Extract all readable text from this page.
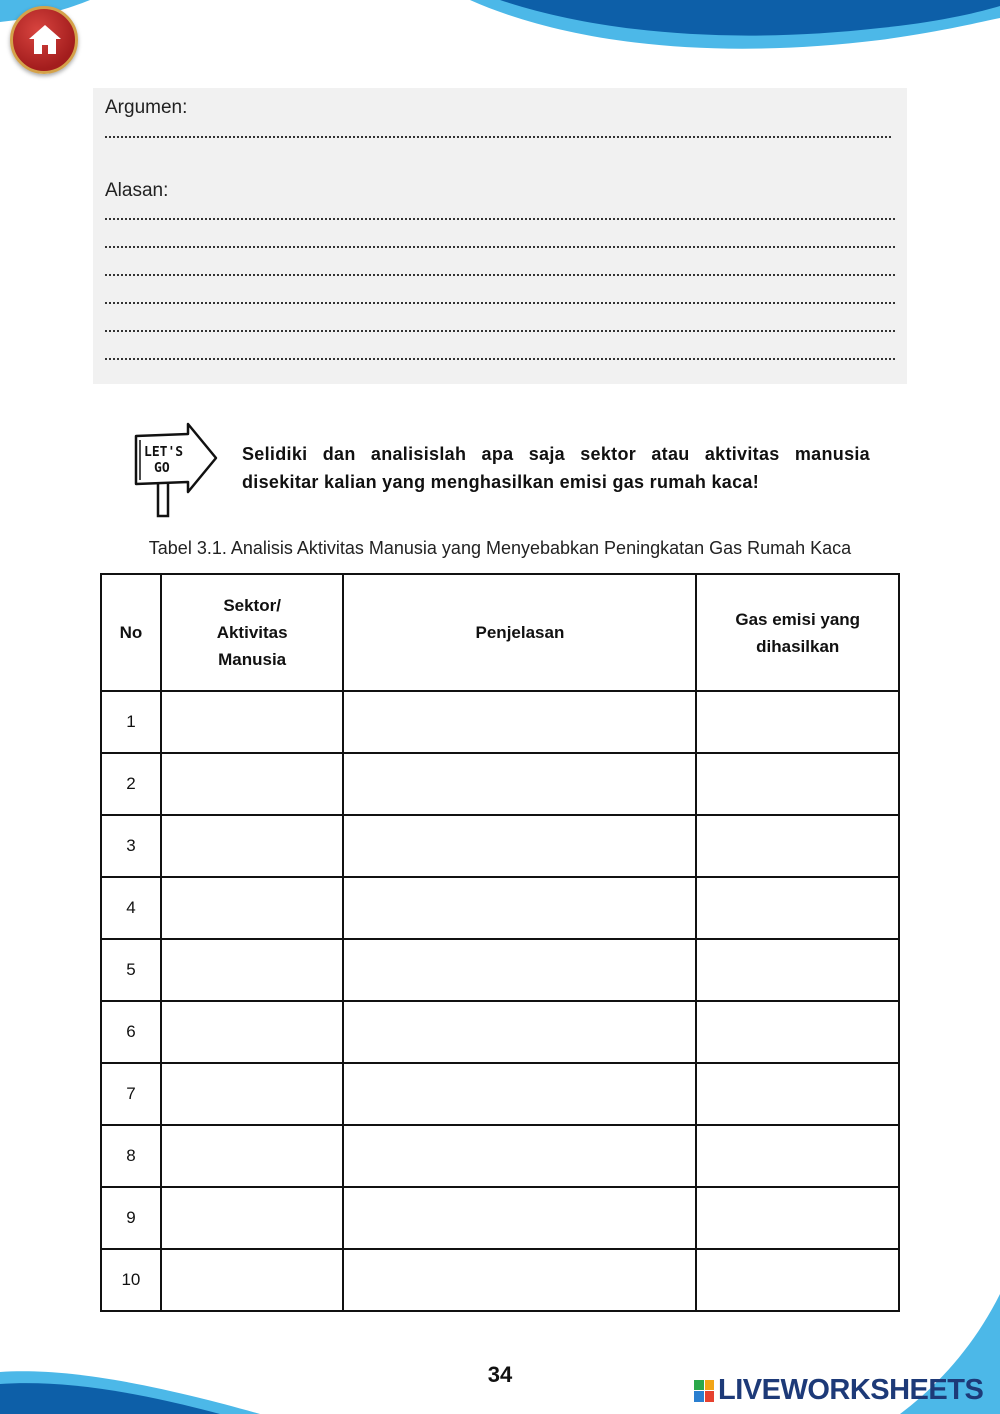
Argumen:
Alasan:
LET'S
GO
Selidiki dan analisislah apa saja sektor atau aktivitas manusia disekitar kalian yang menghasilkan emisi gas rumah kaca!
Tabel 3.1. Analisis Aktivitas Manusia yang Menyebabkan Peningkatan Gas Rumah Kaca
No	Sektor/ Aktivitas Manusia	Penjelasan	Gas emisi yang dihasilkan
1			
2			
3			
4			
5			
6			
7			
8			
9			
10			
34	LIVEWORKSHEETS
